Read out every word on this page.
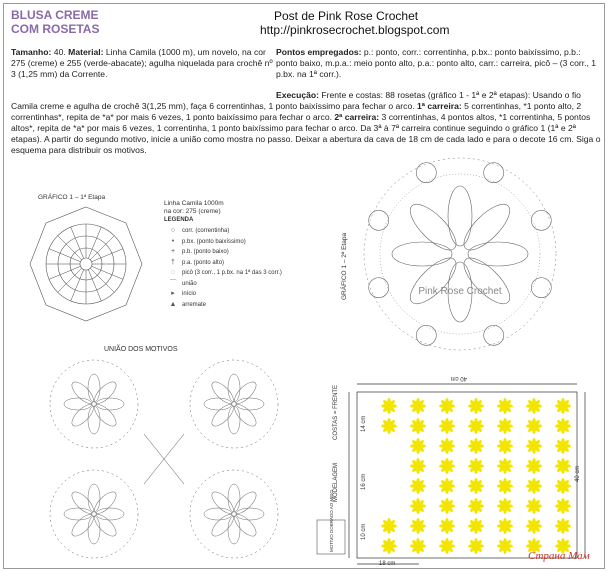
BLUSA CREME
COM ROSETAS
Post de Pink Rose Crochet
http://pinkrosecrochet.blogspot.com
Tamanho: 40. Material: Linha Camila (1000 m), um novelo, na cor 275 (creme) e 255 (verde-abacate); agulha niquelada para crochê nº 3 (1,25 mm) da Corrente.
Pontos empregados: p.: ponto, corr.: correntinha, p.bx.: ponto baixíssimo, p.b.: ponto baixo, m.p.a.: meio ponto alto, p.a.: ponto alto, carr.: carreira, picô – (3 corr., 1 p.bx. na 1ª corr.).
Execução: Frente e costas: 88 rosetas (gráfico 1 - 1ª e 2ª etapas): Usando o fio Camila creme e agulha de crochê 3(1,25 mm), faça 6 correntinhas, 1 ponto baixíssimo para fechar o arco. 1ª carreira: 5 correntinhas, *1 ponto alto, 2 correntinhas*, repita de *a* por mais 6 vezes, 1 ponto baixíssimo para fechar o arco. 2ª carreira: 3 correntinhas, 4 pontos altos, *1 correntinha, 5 pontos altos*, repita de *a* por mais 6 vezes, 1 correntinha, 1 ponto baixíssimo para fechar o arco. Da 3ª à 7ª carreira continue seguindo o gráfico 1 (1ª e 2ª etapas). A partir do segundo motivo, inicie a união como mostra no passo. Deixar a abertura da cava de 18 cm de cada lado e para o decote 16 cm. Siga o esquema para distribuir os motivos.
GRÁFICO 1 – 1ª Etapa
Linha Camila 1000m
na cor: 275 (creme)
LEGENDA
○	corr. (correntinha)
•	p.bx. (ponto baixíssimo)
+	p.b. (ponto baixo)
†	p.a. (ponto alto)
◌	picô (3 corr., 1 p.bx. na 1ª das 3 corr.)
⌒ união
▸	início
▲ arremate
GRÁFICO 1 – 2ª Etapa	Pink Rose Crochet
UNIÃO DOS MOTIVOS
40 cm
40 cm
18 cm
14 cm
16 cm
10 cm
COSTAS = FRENTE
MODELAGEM
MOTIVO DOBRADO AO MEIO
Страна Мам
